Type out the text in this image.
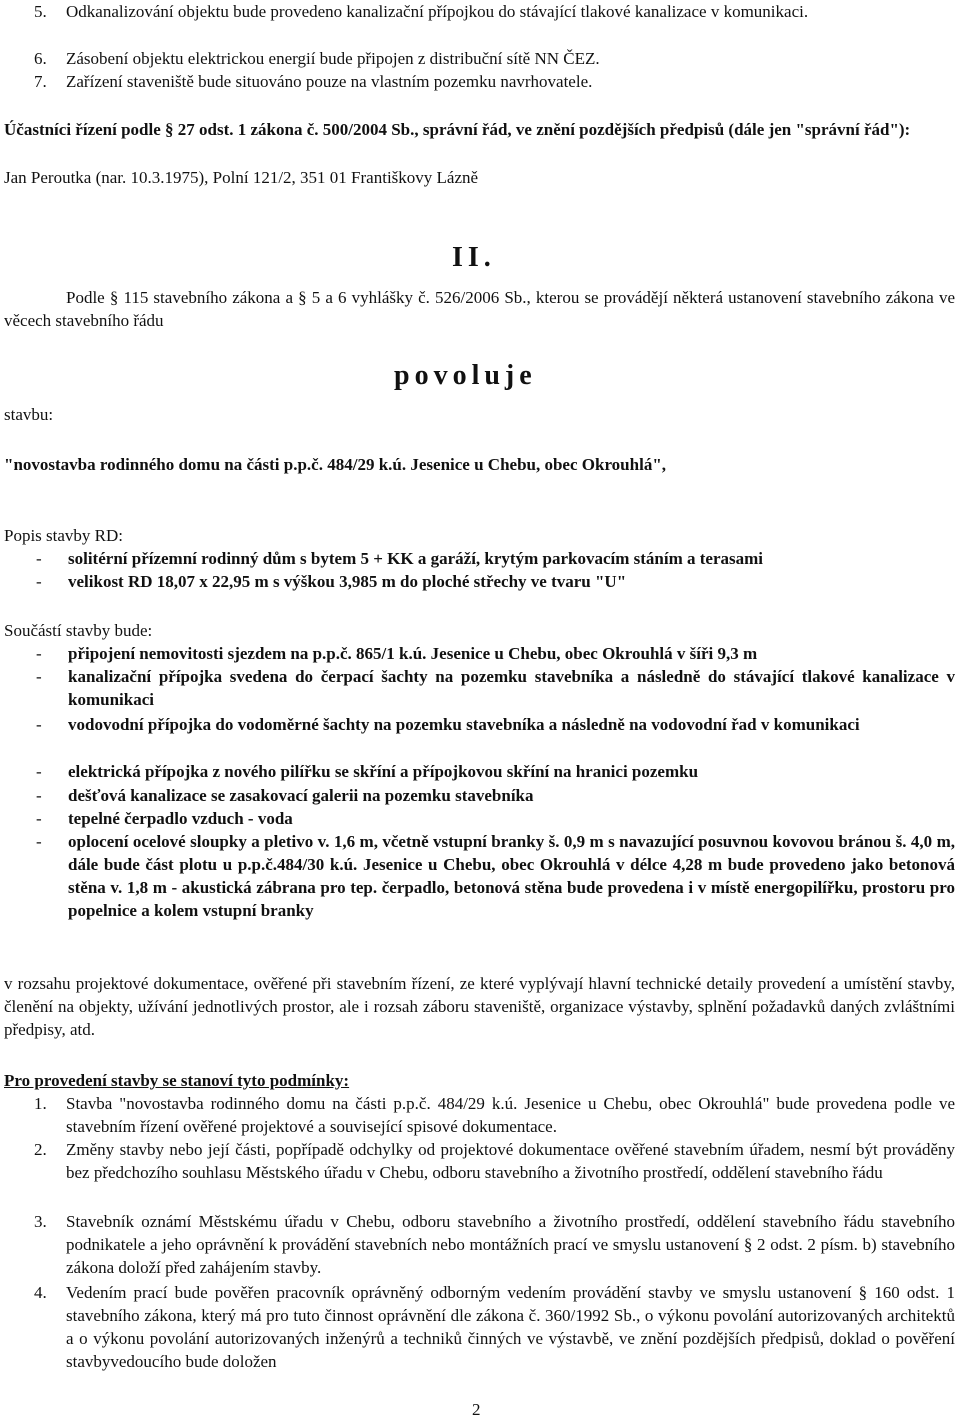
5. Odkanalizování objektu bude provedeno kanalizační přípojkou do stávající tlakové kanalizace v komunikaci.
6. Zásobení objektu elektrickou energií bude připojen z distribuční sítě NN ČEZ.
7. Zařízení staveniště bude situováno pouze na vlastním pozemku navrhovatele.
Účastníci řízení podle § 27 odst. 1 zákona č. 500/2004 Sb., správní řád, ve znění pozdějších předpisů (dále jen "správní řád"):
Jan Peroutka (nar. 10.3.1975), Polní 121/2, 351 01 Františkovy Lázně
II.
Podle § 115 stavebního zákona a § 5 a 6 vyhlášky č. 526/2006 Sb., kterou se provádějí některá ustanovení stavebního zákona ve věcech stavebního řádu
povoluje
stavbu:
"novostavba rodinného domu na části p.p.č. 484/29 k.ú. Jesenice u Chebu, obec Okrouhlá",
Popis stavby RD:
- solitérní přízemní rodinný dům s bytem 5 + KK a garáží, krytým parkovacím stáním a terasami
- velikost RD 18,07 x 22,95 m s výškou 3,985 m do ploché střechy ve tvaru "U"
Součástí stavby bude:
- připojení nemovitosti sjezdem na p.p.č. 865/1 k.ú. Jesenice u Chebu, obec Okrouhlá v šíři 9,3 m
- kanalizační přípojka svedena do čerpací šachty na pozemku stavebníka a následně do stávající tlakové kanalizace v komunikaci
- vodovodní přípojka do vodoměrné šachty na pozemku stavebníka a následně na vodovodní řad v komunikaci
- elektrická přípojka z nového pilířku se skříní a přípojkovou skříní na hranici pozemku
- dešťová kanalizace se zasakovací galerii na pozemku stavebníka
- tepelné čerpadlo vzduch - voda
- oplocení ocelové sloupky a pletivo v. 1,6 m, včetně vstupní branky š. 0,9 m s navazující posuvnou kovovou bránou š. 4,0 m, dále bude část plotu u p.p.č.484/30 k.ú. Jesenice u Chebu, obec Okrouhlá v délce 4,28 m bude provedeno jako betonová stěna v. 1,8 m - akustická zábrana pro tep. čerpadlo, betonová stěna bude provedena i v místě energopilířku, prostoru pro popelnice a kolem vstupní branky
v rozsahu projektové dokumentace, ověřené při stavebním řízení, ze které vyplývají hlavní technické detaily provedení a umístění stavby, členění na objekty, užívání jednotlivých prostor, ale i rozsah záboru staveniště, organizace výstavby, splnění požadavků daných zvláštními předpisy, atd.
Pro provedení stavby se stanoví tyto podmínky:
1. Stavba "novostavba rodinného domu na části p.p.č. 484/29 k.ú. Jesenice u Chebu, obec Okrouhlá" bude provedena podle ve stavebním řízení ověřené projektové a související spisové dokumentace.
2. Změny stavby nebo její části, popřípadě odchylky od projektové dokumentace ověřené stavebním úřadem, nesmí být prováděny bez předchozího souhlasu Městského úřadu v Chebu, odboru stavebního a životního prostředí, oddělení stavebního řádu
3. Stavebník oznámí Městskému úřadu v Chebu, odboru stavebního a životního prostředí, oddělení stavebního řádu stavebního podnikatele a jeho oprávnění k provádění stavebních nebo montážních prací ve smyslu ustanovení § 2 odst. 2 písm. b) stavebního zákona doloží před zahájením stavby.
4. Vedením prací bude pověřen pracovník oprávněný odborným vedením provádění stavby ve smyslu ustanovení § 160 odst. 1 stavebního zákona, který má pro tuto činnost oprávnění dle zákona č. 360/1992 Sb., o výkonu povolání autorizovaných architektů a o výkonu povolání autorizovaných inženýrů a techniků činných ve výstavbě, ve znění pozdějších předpisů, doklad o pověření stavbyvedoucího bude doložen
2
